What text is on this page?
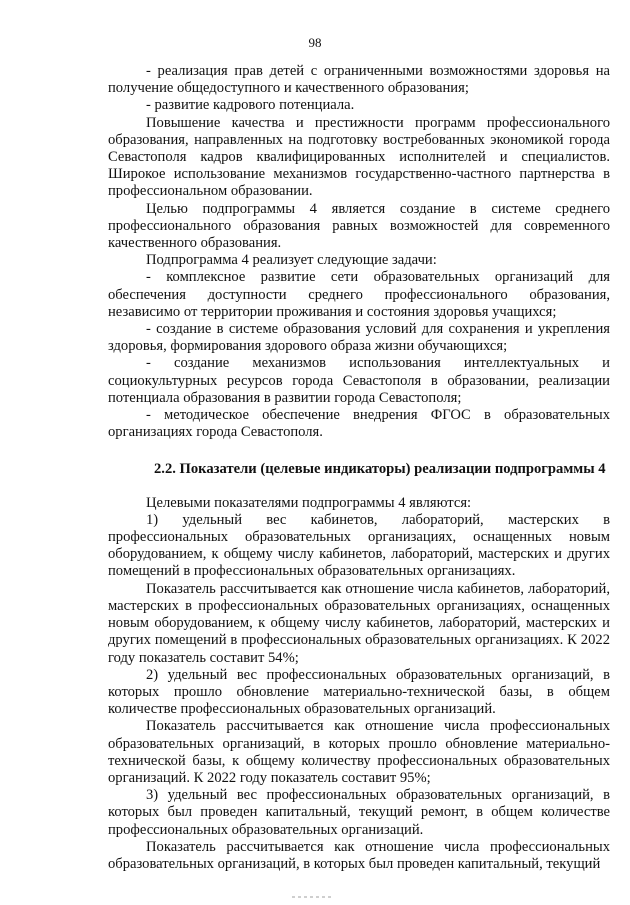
98

- реализация прав детей с ограниченными возможностями здоровья на получение общедоступного и качественного образования;

- развитие кадрового потенциала.

Повышение качества и престижности программ профессионального образования, направленных на подготовку востребованных экономикой города Севастополя кадров квалифицированных исполнителей и специалистов. Широкое использование механизмов государственно-частного партнерства в профессиональном образовании.

Целью подпрограммы 4 является создание в системе среднего профессионального образования равных возможностей для современного качественного образования.

Подпрограмма 4 реализует следующие задачи:

- комплексное развитие сети образовательных организаций для обеспечения доступности среднего профессионального образования, независимо от территории проживания и состояния здоровья учащихся;

- создание в системе образования условий для сохранения и укрепления здоровья, формирования здорового образа жизни обучающихся;

- создание механизмов использования интеллектуальных и социокультурных ресурсов города Севастополя в образовании, реализации потенциала образования в развитии города Севастополя;

- методическое обеспечение внедрения ФГОС в образовательных организациях города Севастополя.

2.2. Показатели (целевые индикаторы) реализации подпрограммы 4

Целевыми показателями подпрограммы 4 являются:

1) удельный вес кабинетов, лабораторий, мастерских в профессиональных образовательных организациях, оснащенных новым оборудованием, к общему числу кабинетов, лабораторий, мастерских и других помещений в профессиональных образовательных организациях.

Показатель рассчитывается как отношение числа кабинетов, лабораторий, мастерских в профессиональных образовательных организациях, оснащенных новым оборудованием, к общему числу кабинетов, лабораторий, мастерских и других помещений в профессиональных образовательных организациях. К 2022 году показатель составит 54%;

2) удельный вес профессиональных образовательных организаций, в которых прошло обновление материально-технической базы, в общем количестве профессиональных образовательных организаций.

Показатель рассчитывается как отношение числа профессиональных образовательных организаций, в которых прошло обновление материально-технической базы, к общему количеству профессиональных образовательных организаций. К 2022 году показатель составит 95%;

3) удельный вес профессиональных образовательных организаций, в которых был проведен капитальный, текущий ремонт, в общем количестве профессиональных образовательных организаций.

Показатель рассчитывается как отношение числа профессиональных образовательных организаций, в которых был проведен капитальный, текущий
